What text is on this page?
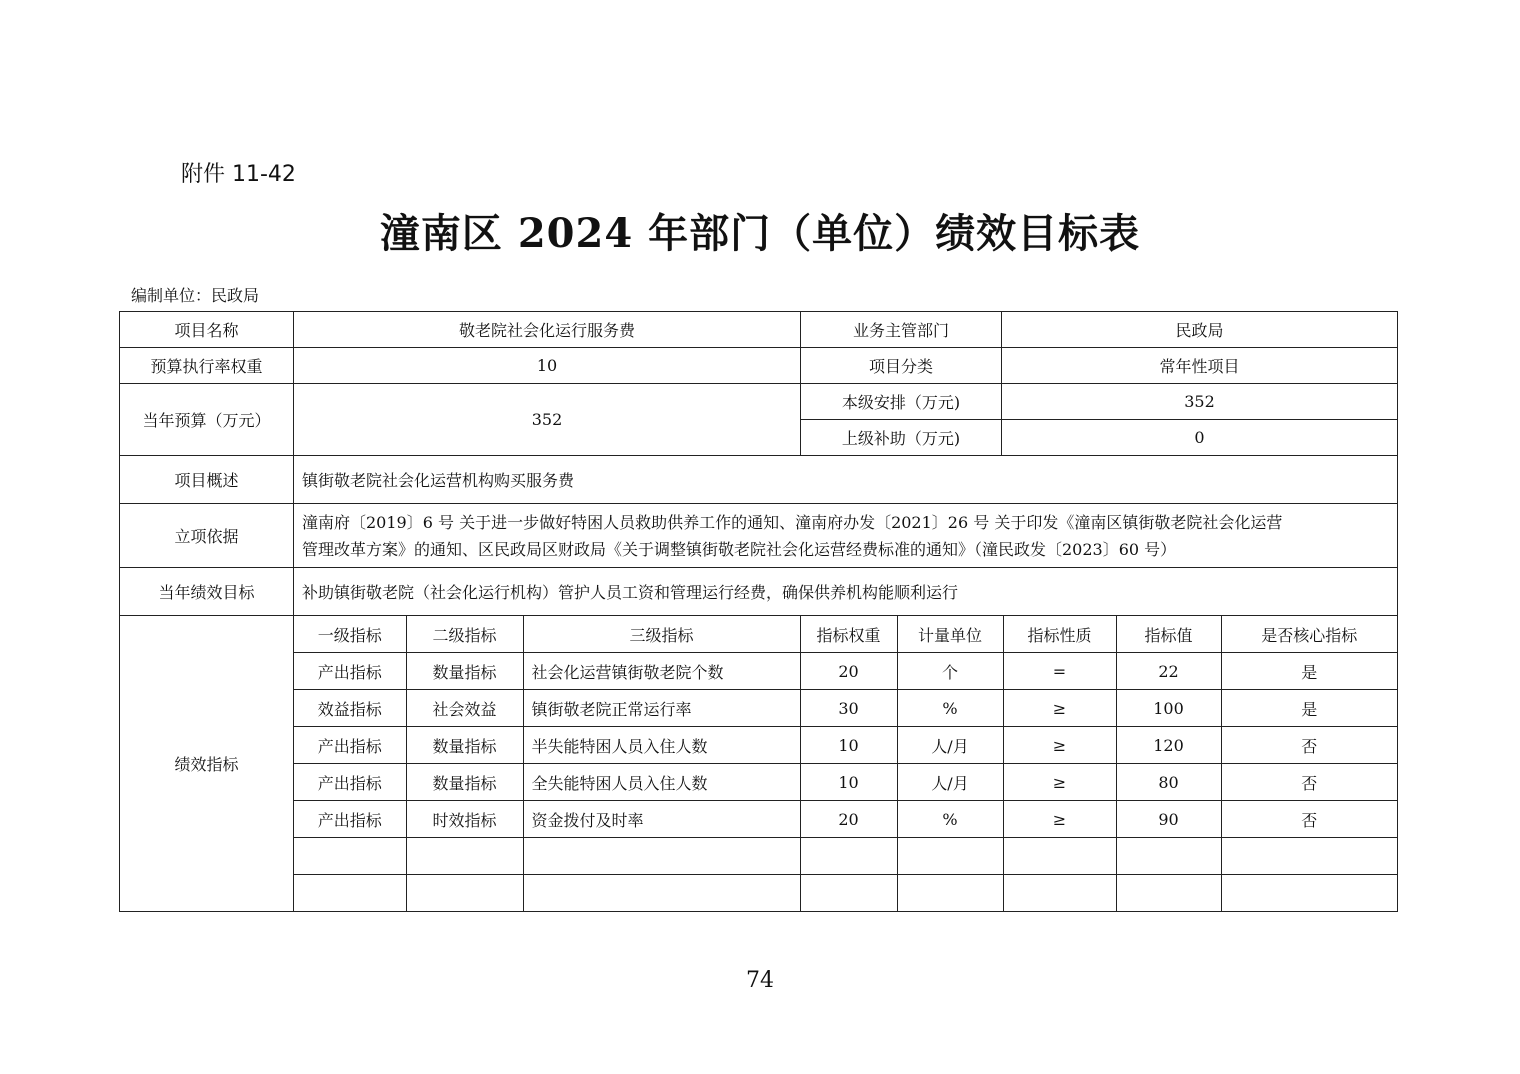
附件 11-42
潼南区 2024 年部门（单位）绩效目标表
编制单位：民政局
项目名称	敬老院社会化运行服务费	业务主管部门	民政局
预算执行率权重	10	项目分类	常年性项目
当年预算（万元）	352	本级安排（万元)	352
上级补助（万元)	0
项目概述	镇街敬老院社会化运营机构购买服务费
立项依据	
潼南府〔2019〕6 号 关于进一步做好特困人员救助供养工作的通知、潼南府办发〔2021〕26 号 关于印发《潼南区镇街敬老院社会化运营
管理改革方案》的通知、区民政局区财政局《关于调整镇街敬老院社会化运营经费标准的通知》（潼民政发〔2023〕60 号）

当年绩效目标	补助镇街敬老院（社会化运行机构）管护人员工资和管理运行经费，确保供养机构能顺利运行
绩效指标	
一级指标	二级指标	三级指标	指标权重	计量单位	指标性质	指标值	是否核心指标
产出指标	数量指标	社会化运营镇街敬老院个数	20	个	=	22	是
效益指标	社会效益	镇街敬老院正常运行率	30	%	≥	100	是
产出指标	数量指标	半失能特困人员入住人数	10	人/月	≥	120	否
产出指标	数量指标	全失能特困人员入住人数	10	人/月	≥	80	否
产出指标	时效指标	资金拨付及时率	20	%	≥	90	否

74
